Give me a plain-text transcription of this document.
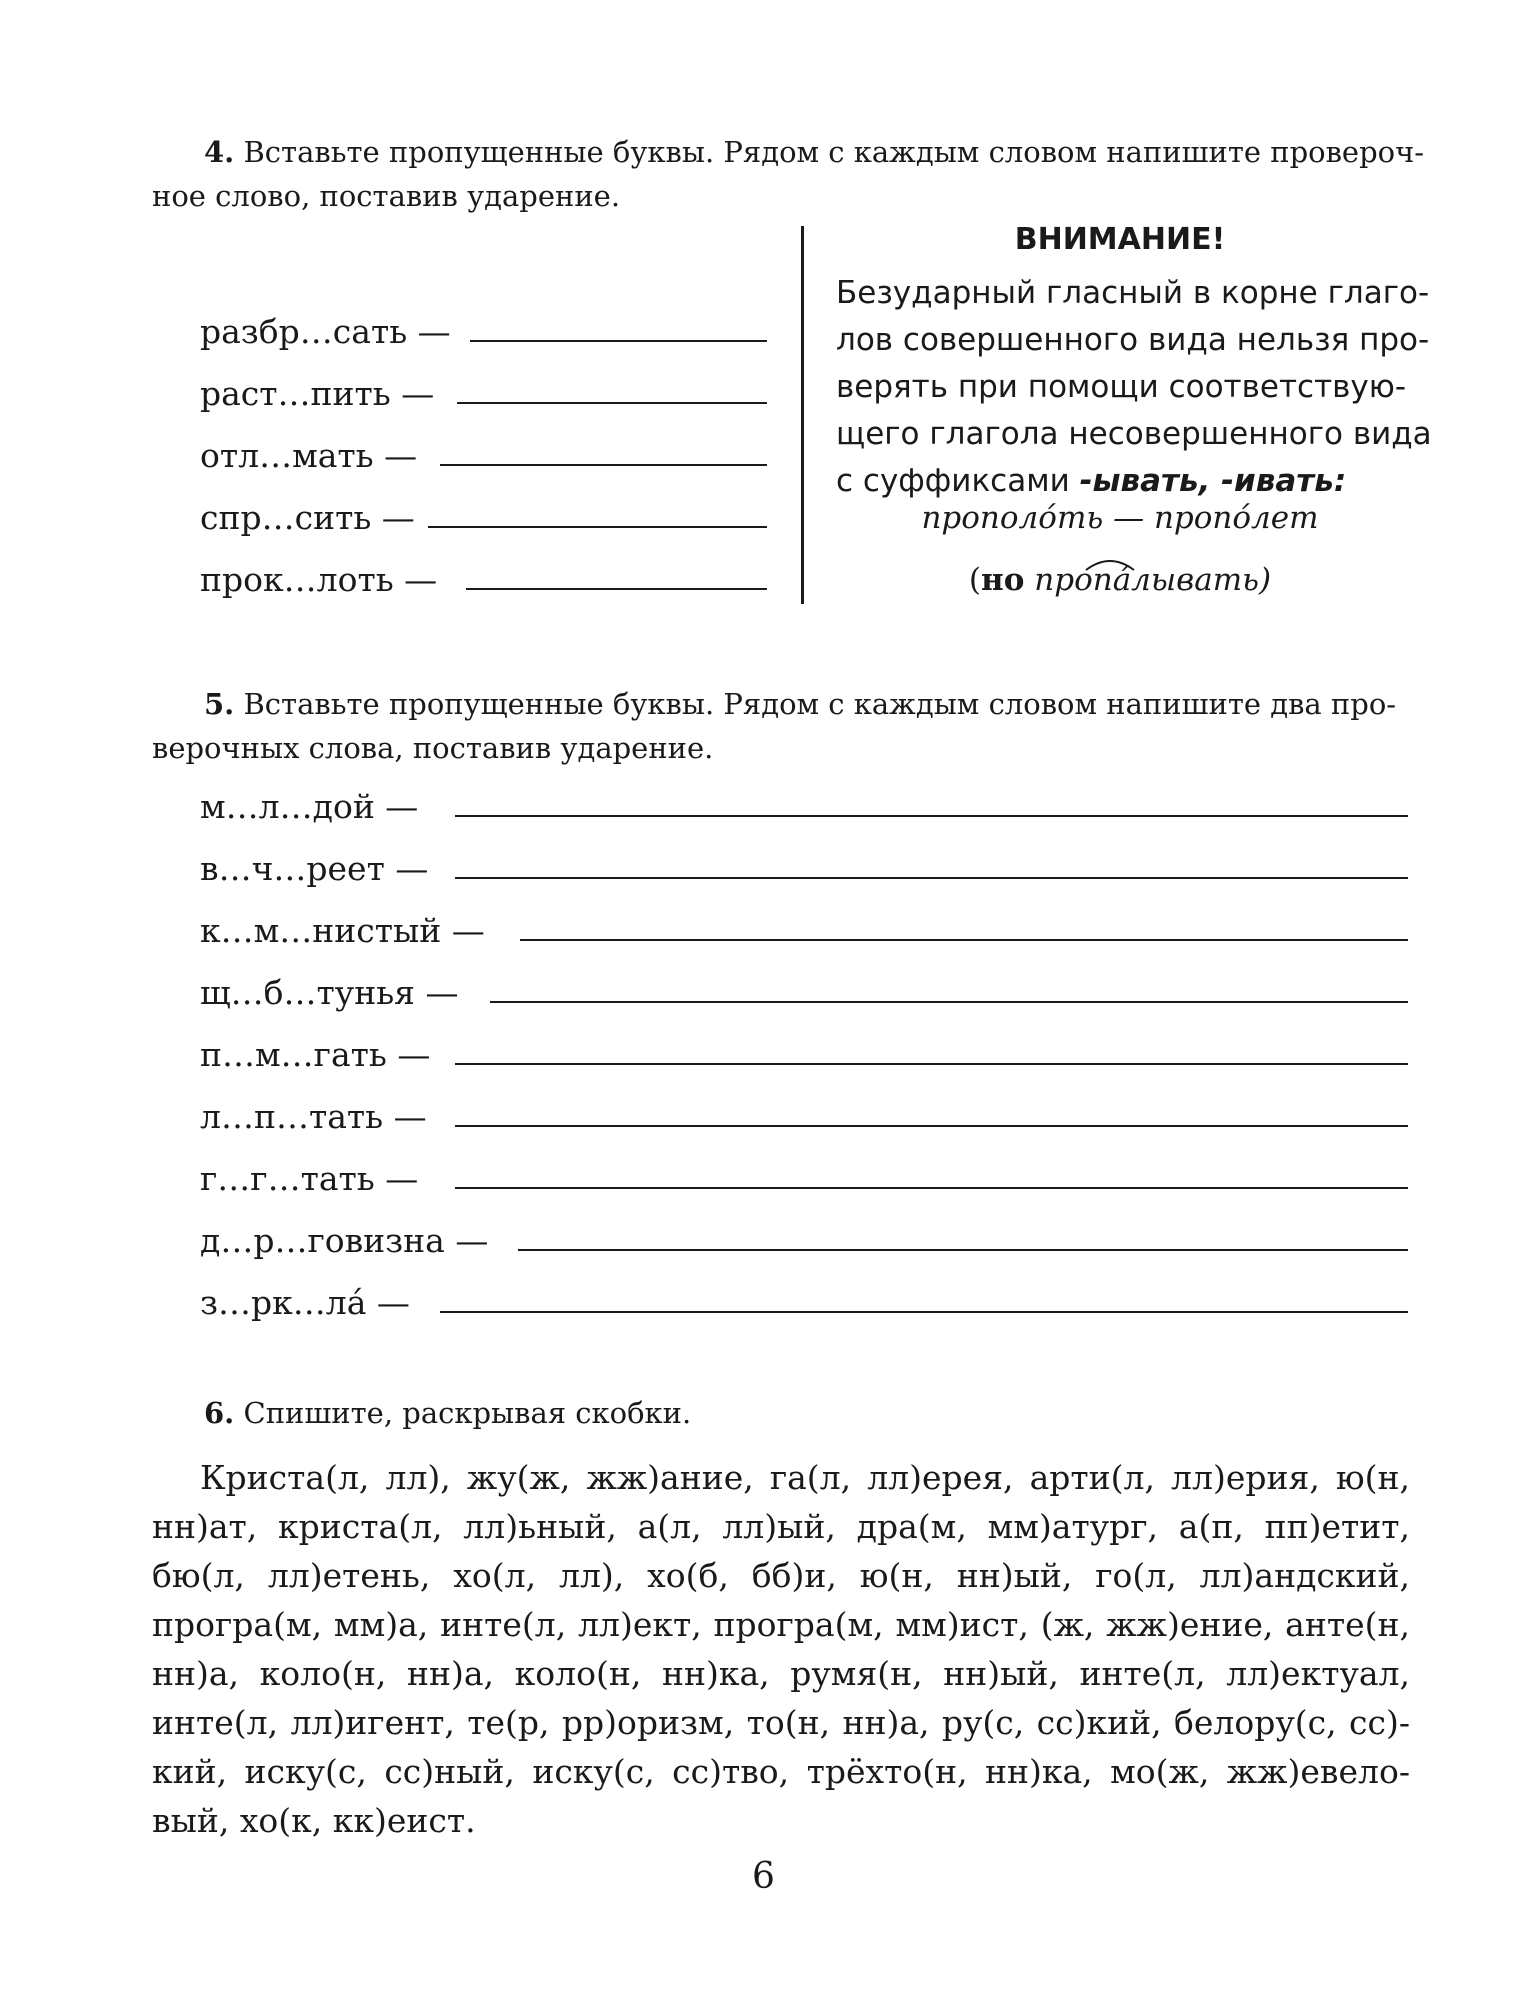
4. Вставьте пропущенные буквы. Рядом с каждым словом напишите провероч-
ное слово, поставив ударение.
разбр…сать —
раст…пить —
отл…мать —
спр…сить —
прок…лоть —
ВНИМАНИЕ!
Безударный гласный в корне глаго-
лов совершенного вида нельзя про-
верять при помощи соответствую-
щего глагола несовершенного вида
с суффиксами -ывать, -ивать:
прополóть — пропóлет
(но пропáлывать)
5. Вставьте пропущенные буквы. Рядом с каждым словом напишите два про-
верочных слова, поставив ударение.
м…л…дой —
в…ч…реет —
к…м…нистый —
щ…б…тунья —
п…м…гать —
л…п…тать —
г…г…тать —
д…р…говизна —
з…рк…лá —
6. Спишите, раскрывая скобки.
Криста(л, лл), жу(ж, жж)ание, га(л, лл)ерея, арти(л, лл)ерия, ю(н,
нн)ат, криста(л, лл)ьный, а(л, лл)ый, дра(м, мм)атург, а(п, пп)етит,
бю(л, лл)етень, хо(л, лл), хо(б, бб)и, ю(н, нн)ый, го(л, лл)андский,
програ(м, мм)а, инте(л, лл)ект, програ(м, мм)ист, (ж, жж)ение, анте(н,
нн)а, коло(н, нн)а, коло(н, нн)ка, румя(н, нн)ый, инте(л, лл)ектуал,
инте(л, лл)игент, те(р, рр)оризм, то(н, нн)а, ру(с, сс)кий, белору(с, сс)-
кий, иску(с, сс)ный, иску(с, сс)тво, трёхто(н, нн)ка, мо(ж, жж)евело-
вый, хо(к, кк)еист.
6
